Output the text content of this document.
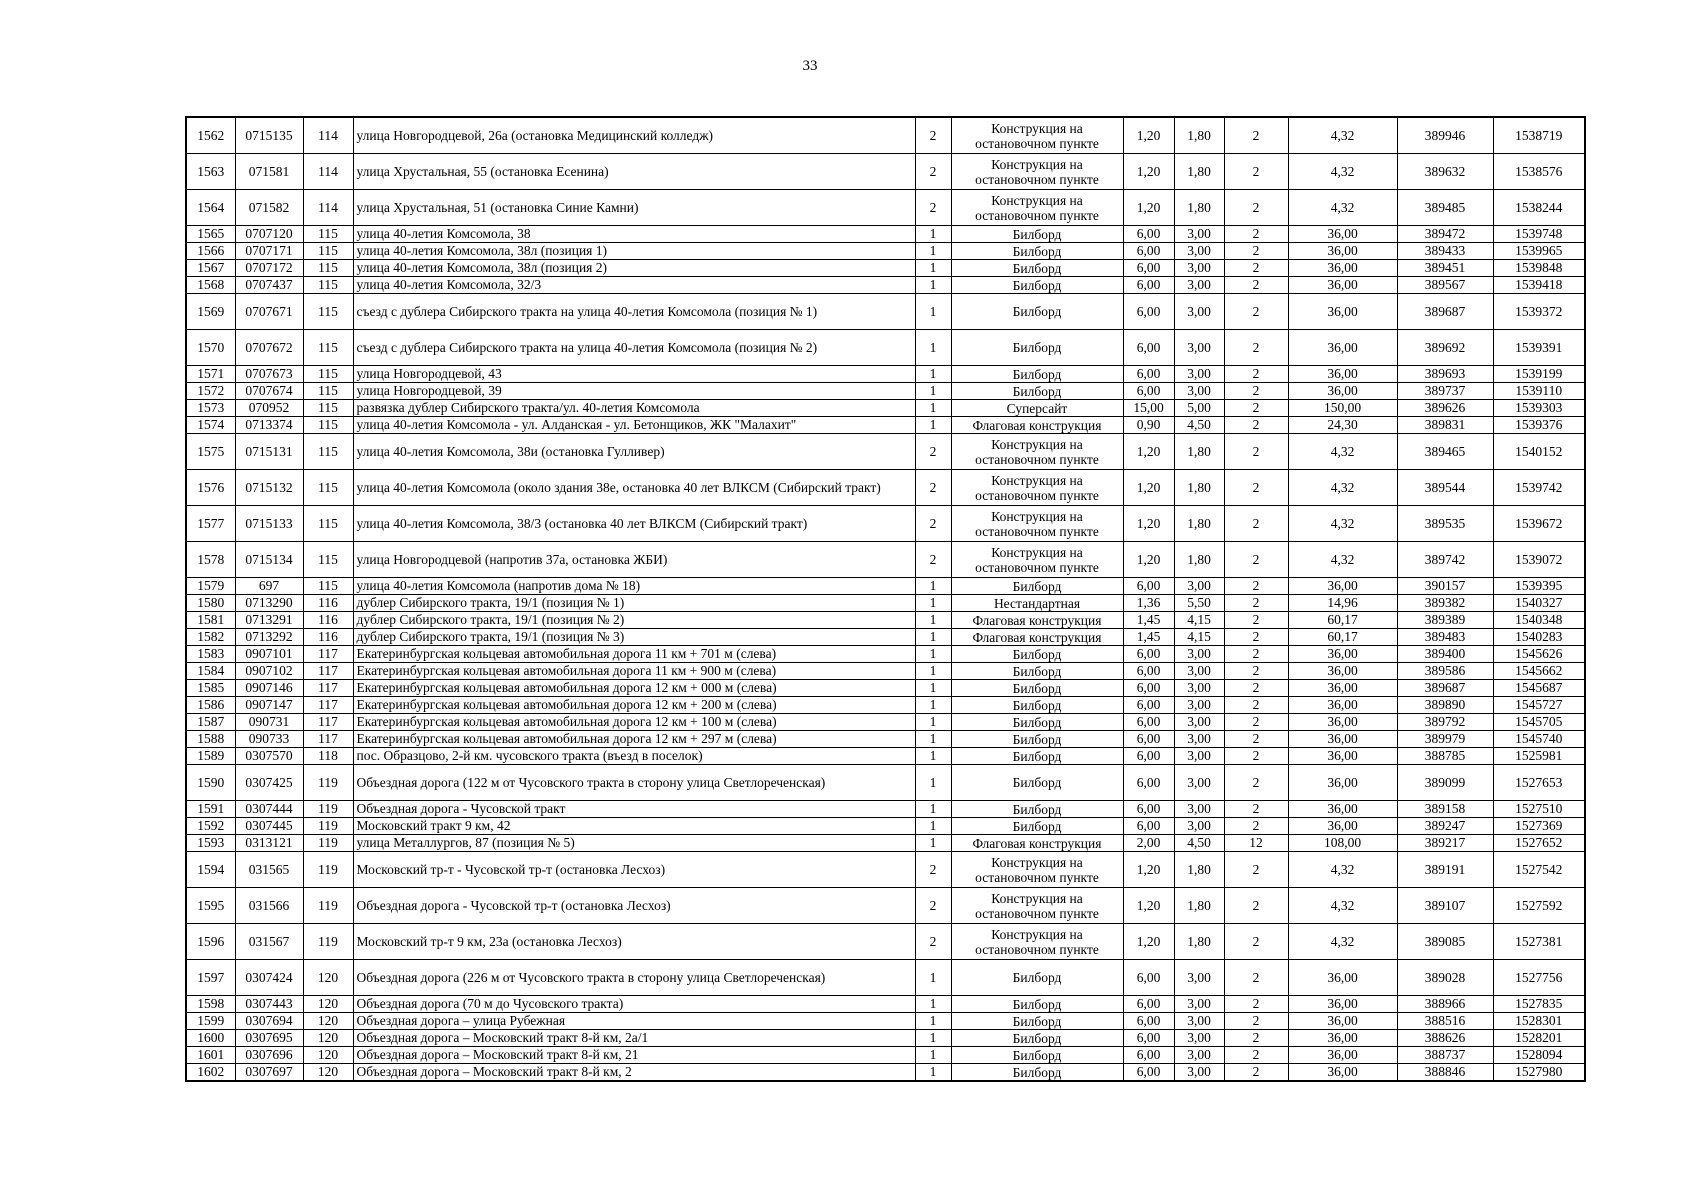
33
1562	0715135	114	улица Новгородцевой, 26а (остановка Медицинский колледж)	2	Конструкция на остановочном пункте	1,20	1,80	2	4,32	389946	1538719
1563	071581	114	улица Хрустальная, 55 (остановка Есенина)	2	Конструкция на остановочном пункте	1,20	1,80	2	4,32	389632	1538576
1564	071582	114	улица Хрустальная, 51 (остановка Синие Камни)	2	Конструкция на остановочном пункте	1,20	1,80	2	4,32	389485	1538244
1565	0707120	115	улица 40-летия Комсомола, 38	1	Билборд	6,00	3,00	2	36,00	389472	1539748
1566	0707171	115	улица 40-летия Комсомола, 38л (позиция 1)	1	Билборд	6,00	3,00	2	36,00	389433	1539965
1567	0707172	115	улица 40-летия Комсомола, 38л (позиция 2)	1	Билборд	6,00	3,00	2	36,00	389451	1539848
1568	0707437	115	улица 40-летия Комсомола, 32/3	1	Билборд	6,00	3,00	2	36,00	389567	1539418
1569	0707671	115	съезд с дублера Сибирского тракта на улица 40-летия Комсомола (позиция № 1)	1	Билборд	6,00	3,00	2	36,00	389687	1539372
1570	0707672	115	съезд с дублера Сибирского тракта на улица 40-летия Комсомола (позиция № 2)	1	Билборд	6,00	3,00	2	36,00	389692	1539391
1571	0707673	115	улица Новгородцевой, 43	1	Билборд	6,00	3,00	2	36,00	389693	1539199
1572	0707674	115	улица Новгородцевой, 39	1	Билборд	6,00	3,00	2	36,00	389737	1539110
1573	070952	115	развязка дублер Сибирского тракта/ул. 40-летия Комсомола	1	Суперсайт	15,00	5,00	2	150,00	389626	1539303
1574	0713374	115	улица 40-летия Комсомола - ул. Алданская - ул. Бетонщиков, ЖК "Малахит"	1	Флаговая конструкция	0,90	4,50	2	24,30	389831	1539376
1575	0715131	115	улица 40-летия Комсомола, 38и (остановка Гулливер)	2	Конструкция на остановочном пункте	1,20	1,80	2	4,32	389465	1540152
1576	0715132	115	улица 40-летия Комсомола (около здания 38е, остановка 40 лет ВЛКСМ (Сибирский тракт)	2	Конструкция на остановочном пункте	1,20	1,80	2	4,32	389544	1539742
1577	0715133	115	улица 40-летия Комсомола, 38/3 (остановка 40 лет ВЛКСМ (Сибирский тракт)	2	Конструкция на остановочном пункте	1,20	1,80	2	4,32	389535	1539672
1578	0715134	115	улица Новгородцевой (напротив 37а, остановка ЖБИ)	2	Конструкция на остановочном пункте	1,20	1,80	2	4,32	389742	1539072
1579	697	115	улица 40-летия Комсомола (напротив дома № 18)	1	Билборд	6,00	3,00	2	36,00	390157	1539395
1580	0713290	116	дублер Сибирского тракта, 19/1 (позиция № 1)	1	Нестандартная	1,36	5,50	2	14,96	389382	1540327
1581	0713291	116	дублер Сибирского тракта, 19/1 (позиция № 2)	1	Флаговая конструкция	1,45	4,15	2	60,17	389389	1540348
1582	0713292	116	дублер Сибирского тракта, 19/1 (позиция № 3)	1	Флаговая конструкция	1,45	4,15	2	60,17	389483	1540283
1583	0907101	117	Екатеринбургская кольцевая автомобильная дорога 11 км + 701 м (слева)	1	Билборд	6,00	3,00	2	36,00	389400	1545626
1584	0907102	117	Екатеринбургская кольцевая автомобильная дорога 11 км + 900 м (слева)	1	Билборд	6,00	3,00	2	36,00	389586	1545662
1585	0907146	117	Екатеринбургская кольцевая автомобильная дорога 12 км + 000 м (слева)	1	Билборд	6,00	3,00	2	36,00	389687	1545687
1586	0907147	117	Екатеринбургская кольцевая автомобильная дорога 12 км + 200 м (слева)	1	Билборд	6,00	3,00	2	36,00	389890	1545727
1587	090731	117	Екатеринбургская кольцевая автомобильная дорога 12 км + 100 м (слева)	1	Билборд	6,00	3,00	2	36,00	389792	1545705
1588	090733	117	Екатеринбургская кольцевая автомобильная дорога 12 км + 297 м (слева)	1	Билборд	6,00	3,00	2	36,00	389979	1545740
1589	0307570	118	пос. Образцово, 2-й км. чусовского тракта (въезд в поселок)	1	Билборд	6,00	3,00	2	36,00	388785	1525981
1590	0307425	119	Объездная дорога (122 м от Чусовского тракта в сторону улица Светлореченская)	1	Билборд	6,00	3,00	2	36,00	389099	1527653
1591	0307444	119	Объездная дорога - Чусовской тракт	1	Билборд	6,00	3,00	2	36,00	389158	1527510
1592	0307445	119	Московский тракт 9 км, 42	1	Билборд	6,00	3,00	2	36,00	389247	1527369
1593	0313121	119	улица Металлургов, 87 (позиция № 5)	1	Флаговая конструкция	2,00	4,50	12	108,00	389217	1527652
1594	031565	119	Московский тр-т - Чусовской тр-т (остановка Лесхоз)	2	Конструкция на остановочном пункте	1,20	1,80	2	4,32	389191	1527542
1595	031566	119	Объездная дорога - Чусовской тр-т (остановка Лесхоз)	2	Конструкция на остановочном пункте	1,20	1,80	2	4,32	389107	1527592
1596	031567	119	Московский тр-т 9 км, 23а (остановка Лесхоз)	2	Конструкция на остановочном пункте	1,20	1,80	2	4,32	389085	1527381
1597	0307424	120	Объездная дорога (226 м от Чусовского тракта в сторону улица Светлореченская)	1	Билборд	6,00	3,00	2	36,00	389028	1527756
1598	0307443	120	Объездная дорога (70 м до Чусовского тракта)	1	Билборд	6,00	3,00	2	36,00	388966	1527835
1599	0307694	120	Объездная дорога – улица Рубежная	1	Билборд	6,00	3,00	2	36,00	388516	1528301
1600	0307695	120	Объездная дорога – Московский тракт 8-й км, 2а/1	1	Билборд	6,00	3,00	2	36,00	388626	1528201
1601	0307696	120	Объездная дорога – Московский тракт 8-й км, 21	1	Билборд	6,00	3,00	2	36,00	388737	1528094
1602	0307697	120	Объездная дорога – Московский тракт 8-й км, 2	1	Билборд	6,00	3,00	2	36,00	388846	1527980
